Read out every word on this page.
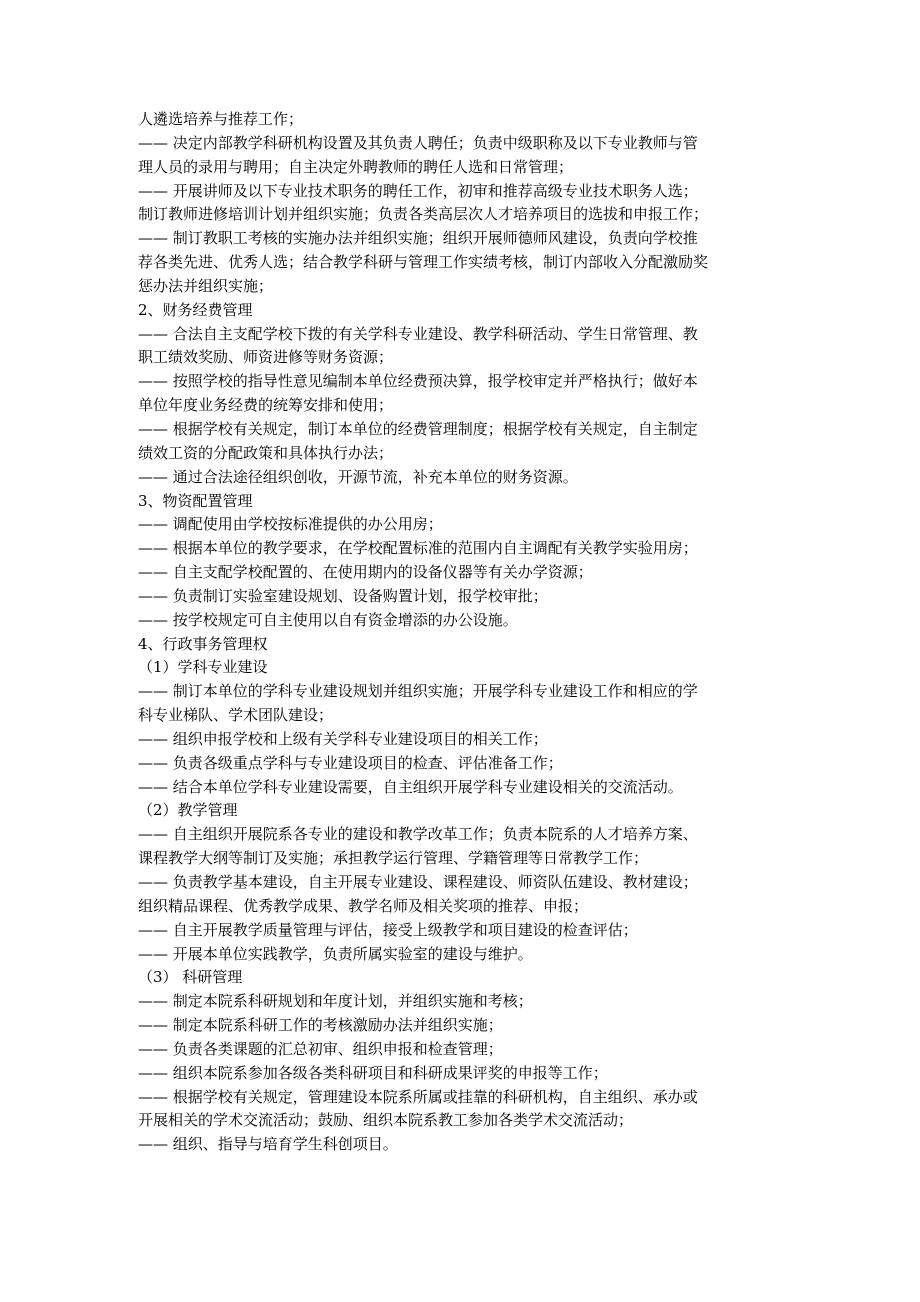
人遴选培养与推荐工作；
—— 决定内部教学科研机构设置及其负责人聘任；负责中级职称及以下专业教师与管
理人员的录用与聘用；自主决定外聘教师的聘任人选和日常管理；
—— 开展讲师及以下专业技术职务的聘任工作，初审和推荐高级专业技术职务人选；
制订教师进修培训计划并组织实施；负责各类高层次人才培养项目的选拔和申报工作；
—— 制订教职工考核的实施办法并组织实施；组织开展师德师风建设，负责向学校推
荐各类先进、优秀人选；结合教学科研与管理工作实绩考核，制订内部收入分配激励奖
惩办法并组织实施；
2、财务经费管理
—— 合法自主支配学校下拨的有关学科专业建设、教学科研活动、学生日常管理、教
职工绩效奖励、师资进修等财务资源；
—— 按照学校的指导性意见编制本单位经费预决算，报学校审定并严格执行；做好本
单位年度业务经费的统筹安排和使用；
—— 根据学校有关规定，制订本单位的经费管理制度；根据学校有关规定，自主制定
绩效工资的分配政策和具体执行办法；
—— 通过合法途径组织创收，开源节流，补充本单位的财务资源。
3、物资配置管理
—— 调配使用由学校按标准提供的办公用房；
—— 根据本单位的教学要求，在学校配置标准的范围内自主调配有关教学实验用房；
—— 自主支配学校配置的、在使用期内的设备仪器等有关办学资源；
—— 负责制订实验室建设规划、设备购置计划，报学校审批；
—— 按学校规定可自主使用以自有资金增添的办公设施。
4、行政事务管理权
（1）学科专业建设
—— 制订本单位的学科专业建设规划并组织实施；开展学科专业建设工作和相应的学
科专业梯队、学术团队建设；
—— 组织申报学校和上级有关学科专业建设项目的相关工作；
—— 负责各级重点学科与专业建设项目的检查、评估准备工作；
—— 结合本单位学科专业建设需要，自主组织开展学科专业建设相关的交流活动。
（2）教学管理
—— 自主组织开展院系各专业的建设和教学改革工作；负责本院系的人才培养方案、
课程教学大纲等制订及实施；承担教学运行管理、学籍管理等日常教学工作；
—— 负责教学基本建设，自主开展专业建设、课程建设、师资队伍建设、教材建设；
组织精品课程、优秀教学成果、教学名师及相关奖项的推荐、申报；
—— 自主开展教学质量管理与评估，接受上级教学和项目建设的检查评估；
—— 开展本单位实践教学，负责所属实验室的建设与维护。
（3） 科研管理
—— 制定本院系科研规划和年度计划，并组织实施和考核；
—— 制定本院系科研工作的考核激励办法并组织实施；
—— 负责各类课题的汇总初审、组织申报和检查管理；
—— 组织本院系参加各级各类科研项目和科研成果评奖的申报等工作；
—— 根据学校有关规定，管理建设本院系所属或挂靠的科研机构，自主组织、承办或
开展相关的学术交流活动；鼓励、组织本院系教工参加各类学术交流活动；
—— 组织、指导与培育学生科创项目。
